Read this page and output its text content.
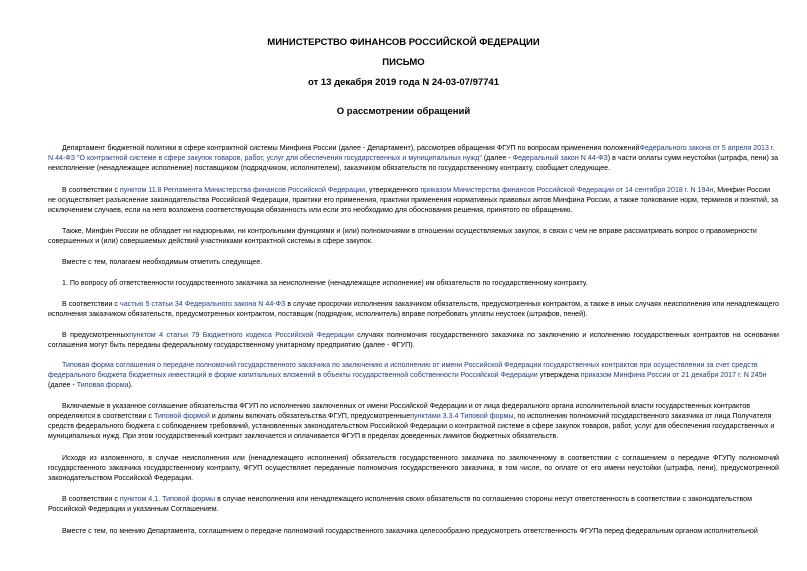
МИНИСТЕРСТВО ФИНАНСОВ РОССИЙСКОЙ ФЕДЕРАЦИИ
ПИСЬМО
от 13 декабря 2019 года N 24-03-07/97741
О рассмотрении обращений
Департамент бюджетной политики в сфере контрактной системы Минфина России (далее - Департамент), рассмотрев обращения ФГУП по вопросам применения положенийФедерального закона от 5 апреля 2013 г. N 44-ФЗ "О контрактной системе в сфере закупок товаров, работ, услуг для обеспечения государственных и муниципальных нужд" (далее - Федеральный закон N 44-ФЗ) в части оплаты сумм неустойки (штрафа, пени) за неисполнение (ненадлежащее исполнение) поставщиком (подрядчиком, исполнителем), заказчиком обязательств по государственному контракту, сообщает следующее.
В соответствии с пунктом 11.8 Регламента Министерства финансов Российской Федерации, утвержденного приказом Министерства финансов Российской Федерации от 14 сентября 2018 г. N 194н, Минфин России не осуществляет разъяснение законодательства Российской Федерации, практики его применения, практики применения нормативных правовых актов Минфина России, а также толкование норм, терминов и понятий, за исключением случаев, если на него возложена соответствующая обязанность или если это необходимо для обоснования решения, принятого по обращению.
Также, Минфин России не обладает ни надзорными, ни контрольными функциями и (или) полномочиями в отношении осуществляемых закупок, в связи с чем не вправе рассматривать вопрос о правомерности совершенных и (или) совершаемых действий участниками контрактной системы в сфере закупок.
Вместе с тем, полагаем необходимым отметить следующее.
1. По вопросу об ответственности государственного заказчика за неисполнение (ненадлежащее исполнение) им обязательств по государственному контракту.
В соответствии с частью 5 статьи 34 Федерального закона N 44-ФЗ в случае просрочки исполнения заказчиком обязательств, предусмотренных контрактом, а также в иных случаях неисполнения или ненадлежащего исполнения заказчиком обязательств, предусмотренных контрактом, поставщик (подрядчик, исполнитель) вправе потребовать уплаты неустоек (штрафов, пеней).
В предусмотренныхпунктом 4 статьи 79 Бюджетного кодекса Российской Федерации случаях полномочия государственного заказчика по заключению и исполнению государственных контрактов на основании соглашения могут быть переданы федеральному государственному унитарному предприятию (далее - ФГУП).
Типовая форма соглашения о передаче полномочий государственного заказчика по заключению и исполнению от имени Российской Федерации государственных контрактов при осуществлении за счет средств федерального бюджета бюджетных инвестиций в форме капитальных вложений в объекты государственной собственности Российской Федерации утверждена приказом Минфина России от 21 декабря 2017 г. N 245н (далее - Типовая форма).
Включаемые в указанное соглашение обязательства ФГУП по исполнению заключенных от имени Российской Федерации и от лица федерального органа исполнительной власти государственных контрактов определяются в соответствии с Типовой формой и должны включать обязательства ФГУП, предусмотренныепунктами 3.3.4 Типовой формы, по исполнению полномочий государственного заказчика от лица Получателя средств федерального бюджета с соблюдением требований, установленных законодательством Российской Федерации о контрактной системе в сфере закупок товаров, работ, услуг для обеспечения государственных и муниципальных нужд. При этом государственный контракт заключается и оплачивается ФГУП в пределах доведенных лимитов бюджетных обязательств.
Исходя из изложенного, в случае неисполнения или (ненадлежащего исполнения) обязательств государственного заказчика по заключенному в соответствии с соглашением о передаче ФГУПу полномочий государственного заказчика государственному контракту, ФГУП осуществляет переданные полномочия государственного заказчика, в том числе, по оплате от его имени неустойки (штрафа, пени), предусмотренной законодательством Российской Федерации.
В соответствии с пунктом 4.1. Типовой формы в случае неисполнения или ненадлежащего исполнения своих обязательств по соглашению стороны несут ответственность в соответствии с законодательством Российской Федерации и указанным Соглашением.
Вместе с тем, по мнению Департамента, соглашением о передаче полномочий государственного заказчика целесообразно предусмотреть ответственность ФГУПа перед федеральным органом исполнительной
